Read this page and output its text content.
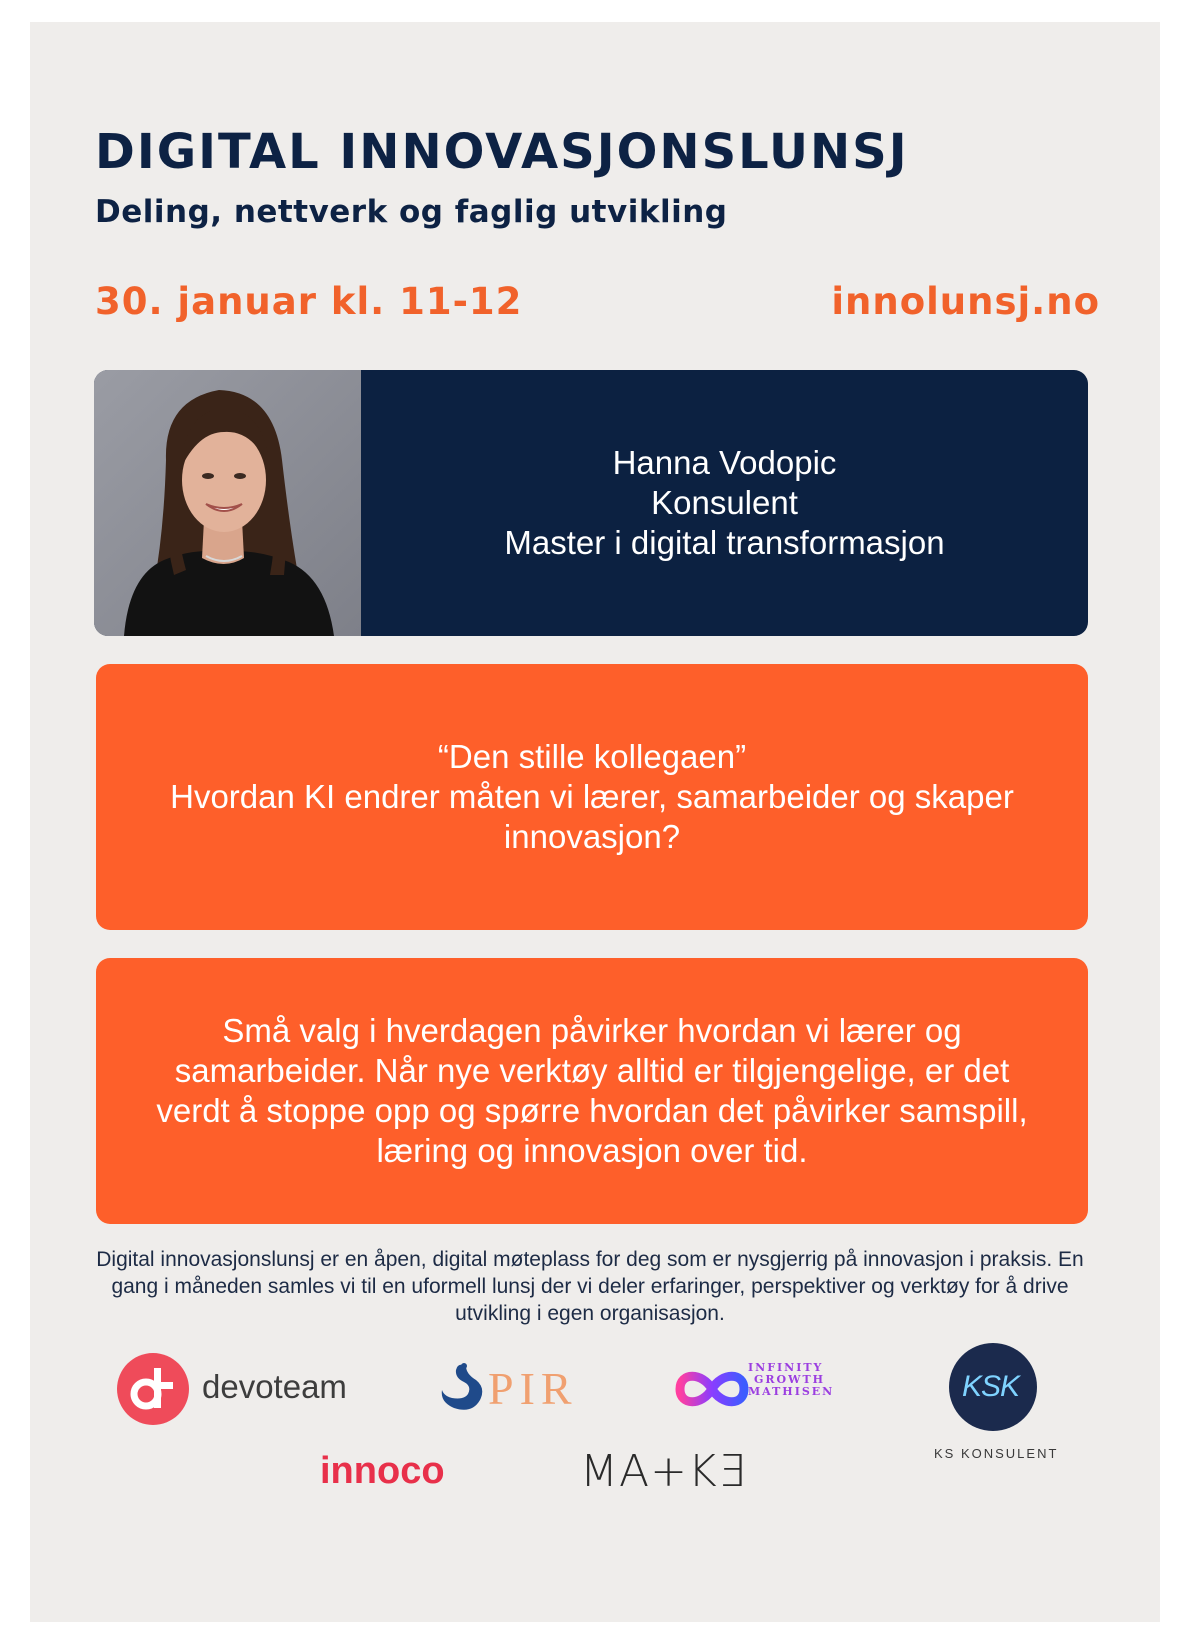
DIGITAL INNOVASJONSLUNSJ
Deling, nettverk og faglig utvikling
30. januar kl. 11-12	innolunsj.no
Hanna Vodopic
Konsulent
Master i digital transformasjon
“Den stille kollegaen”
Hvordan KI endrer måten vi lærer, samarbeider og skaper innovasjon?
Små valg i hverdagen påvirker hvordan vi lærer og samarbeider. Når nye verktøy alltid er tilgjengelige, er det verdt å stoppe opp og spørre hvordan det påvirker samspill, læring og innovasjon over tid.
Digital innovasjonslunsj er en åpen, digital møteplass for deg som er nysgjerrig på innovasjon i praksis. En gang i måneden samles vi til en uformell lunsj der vi deler erfaringer, perspektiver og verktøy for å drive utvikling i egen organisasjon.
devoteam	PIR	INFINITY
GROWTH
MATHISEN	KSK
KS KONSULENT
innoco	MA+KƎ
